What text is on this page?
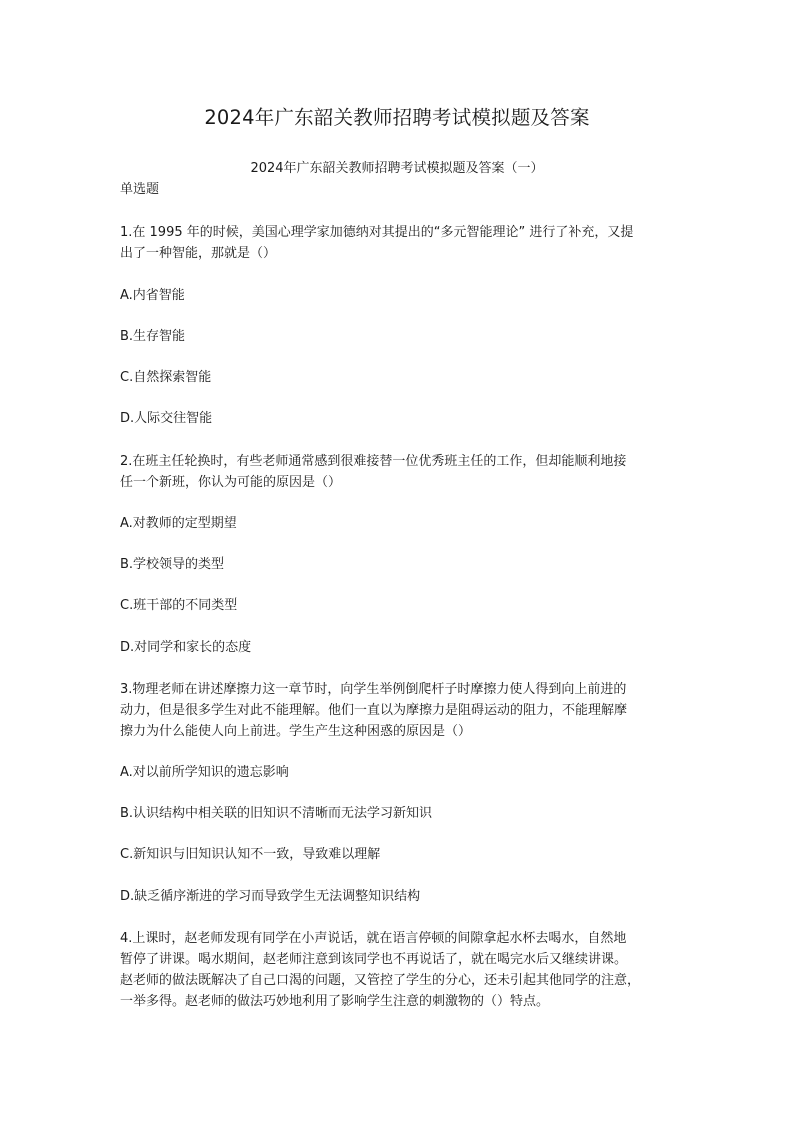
2024年广东韶关教师招聘考试模拟题及答案
2024年广东韶关教师招聘考试模拟题及答案（一）
单选题
1.在 1995 年的时候，美国心理学家加德纳对其提出的“多元智能理论” 进行了补充，又提
出了一种智能，那就是（）
A.内省智能
B.生存智能
C.自然探索智能
D.人际交往智能
2.在班主任轮换时，有些老师通常感到很难接替一位优秀班主任的工作，但却能顺利地接
任一个新班，你认为可能的原因是（）
A.对教师的定型期望
B.学校领导的类型
C.班干部的不同类型
D.对同学和家长的态度
3.物理老师在讲述摩擦力这一章节时，向学生举例倒爬杆子时摩擦力使人得到向上前进的
动力，但是很多学生对此不能理解。他们一直以为摩擦力是阻碍运动的阻力，不能理解摩
擦力为什么能使人向上前进。学生产生这种困惑的原因是（）
A.对以前所学知识的遗忘影响
B.认识结构中相关联的旧知识不清晰而无法学习新知识
C.新知识与旧知识认知不一致，导致难以理解
D.缺乏循序渐进的学习而导致学生无法调整知识结构
4.上课时，赵老师发现有同学在小声说话，就在语言停顿的间隙拿起水杯去喝水，自然地
暂停了讲课。喝水期间，赵老师注意到该同学也不再说话了，就在喝完水后又继续讲课。
赵老师的做法既解决了自己口渴的问题，又管控了学生的分心，还未引起其他同学的注意，
一举多得。赵老师的做法巧妙地利用了影响学生注意的刺激物的（）特点。
